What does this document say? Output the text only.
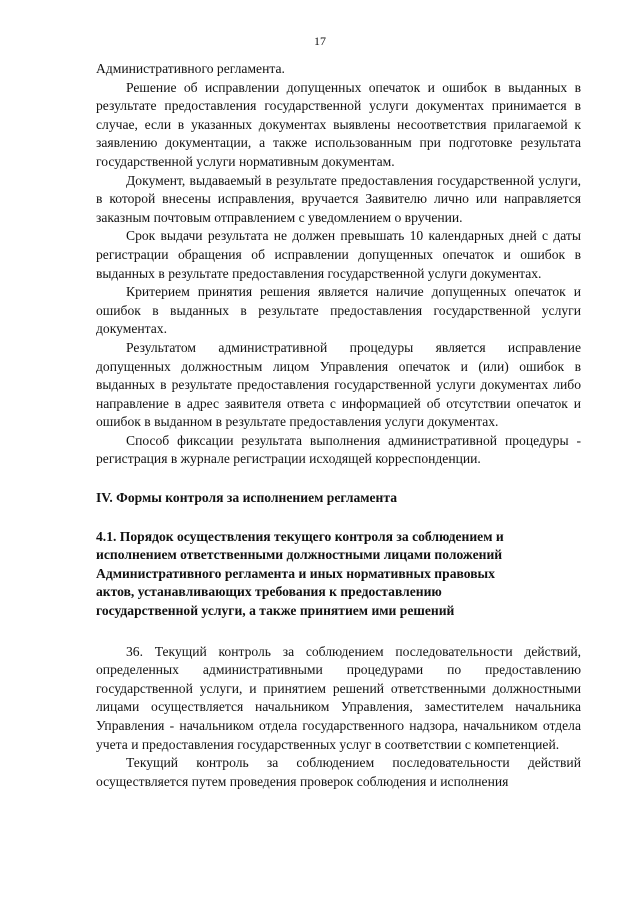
17

Административного регламента.

Решение об исправлении допущенных опечаток и ошибок в выданных в результате предоставления государственной услуги документах принимается в случае, если в указанных документах выявлены несоответствия прилагаемой к заявлению документации, а также использованным при подготовке результата государственной услуги нормативным документам.

Документ, выдаваемый в результате предоставления государственной услуги, в которой внесены исправления, вручается Заявителю лично или направляется заказным почтовым отправлением с уведомлением о вручении.

Срок выдачи результата не должен превышать 10 календарных дней с даты регистрации обращения об исправлении допущенных опечаток и ошибок в выданных в результате предоставления государственной услуги документах.

Критерием принятия решения является наличие допущенных опечаток и ошибок в выданных в результате предоставления государственной услуги документах.

Результатом административной процедуры является исправление допущенных должностным лицом Управления опечаток и (или) ошибок в выданных в результате предоставления государственной услуги документах либо направление в адрес заявителя ответа с информацией об отсутствии опечаток и ошибок в выданном в результате предоставления услуги документах.

Способ фиксации результата выполнения административной процедуры - регистрация в журнале регистрации исходящей корреспонденции.

IV. Формы контроля за исполнением регламента

4.1. Порядок осуществления текущего контроля за соблюдением и

исполнением ответственными должностными лицами положений

Административного регламента и иных нормативных правовых

актов, устанавливающих требования к предоставлению

государственной услуги, а также принятием ими решений

36. Текущий контроль за соблюдением последовательности действий, определенных административными процедурами по предоставлению государственной услуги, и принятием решений ответственными должностными лицами осуществляется начальником Управления, заместителем начальника Управления - начальником отдела государственного надзора, начальником отдела учета и предоставления государственных услуг в соответствии с компетенцией.

Текущий контроль за соблюдением последовательности действий осуществляется путем проведения проверок соблюдения и исполнения
